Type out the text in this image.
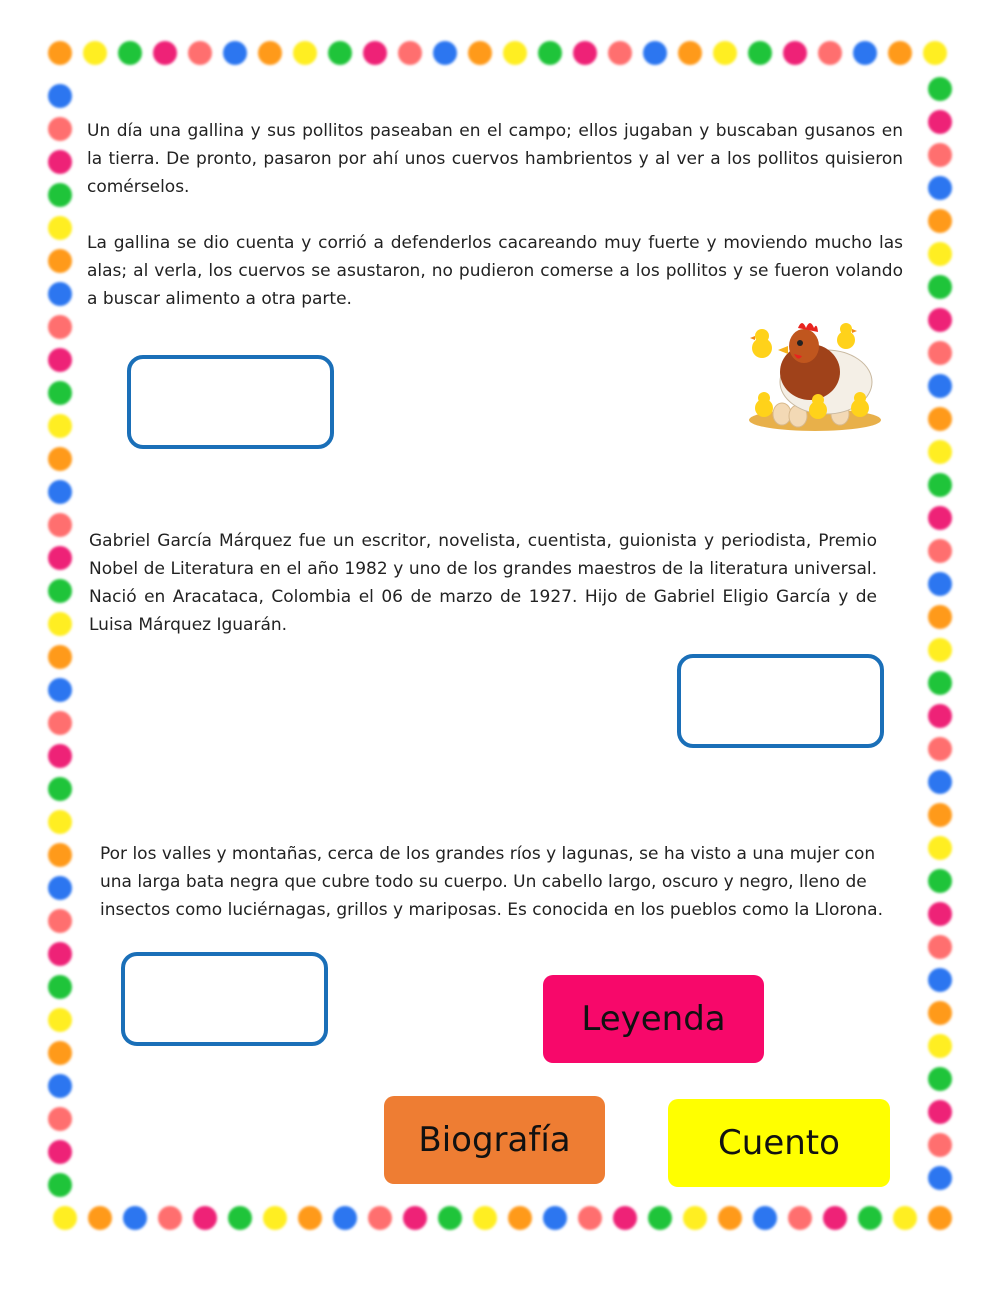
Un día una gallina y sus pollitos paseaban en el campo; ellos jugaban y buscaban gusanos en la tierra. De pronto, pasaron por ahí unos cuervos hambrientos y al ver a los pollitos quisieron comérselos.

La gallina se dio cuenta y corrió a defenderlos cacareando muy fuerte y moviendo mucho las alas; al verla, los cuervos se asustaron, no pudieron comerse a los pollitos y se fueron volando a buscar alimento a otra parte.

Gabriel García Márquez fue un escritor, novelista, cuentista, guionista y periodista, Premio Nobel de Literatura en el año 1982 y uno de los grandes maestros de la literatura universal. Nació en Aracataca, Colombia el 06 de marzo de 1927. Hijo de Gabriel Eligio García y de Luisa Márquez Iguarán.

Por los valles y montañas, cerca de los grandes ríos y lagunas, se ha visto a una mujer con una larga bata negra que cubre todo su cuerpo. Un cabello largo, oscuro y negro, lleno de insectos como luciérnagas, grillos y mariposas. Es conocida en los pueblos como la Llorona.

Leyenda
Biografía	Cuento
